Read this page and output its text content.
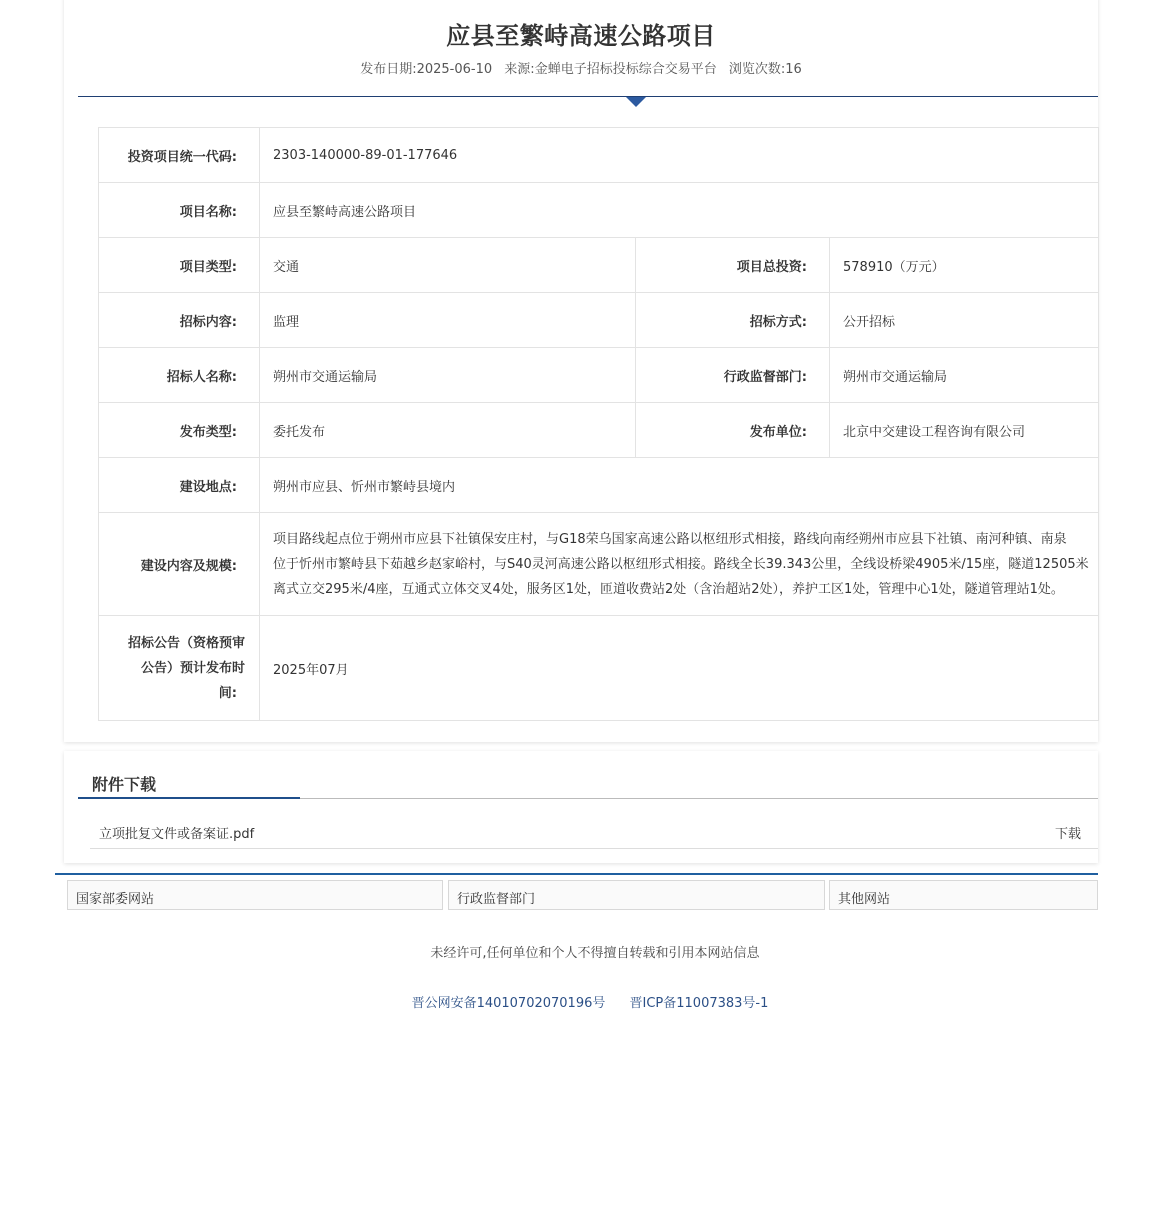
应县至繁峙高速公路项目
发布日期:2025-06-10 来源:金蝉电子招标投标综合交易平台 浏览次数:16
投资项目统一代码:	2303-140000-89-01-177646		
项目名称:	应县至繁峙高速公路项目		
项目类型:	交通	项目总投资:	578910（万元）
招标内容:	监理	招标方式:	公开招标
招标人名称:	朔州市交通运输局	行政监督部门:	朔州市交通运输局
发布类型:	委托发布	发布单位:	北京中交建设工程咨询有限公司
建设地点:	朔州市应县、忻州市繁峙县境内		
建设内容及规模:	项目路线起点位于朔州市应县下社镇保安庄村，与G18荣乌国家高速公路以枢纽形式相接，路线向南经朔州市应县下社镇、南河种镇、南泉
位于忻州市繁峙县下茹越乡赵家峪村，与S40灵河高速公路以枢纽形式相接。路线全长39.343公里，全线设桥梁4905米/15座，隧道12505米
离式立交295米/4座，互通式立体交叉4处，服务区1处，匝道收费站2处（含治超站2处），养护工区1处，管理中心1处，隧道管理站1处。		

招标公告（资格预审
公告）预计发布时
间:	2025年07月		
附件下载
立项批复文件或备案证.pdf	下载
国家部委网站	行政监督部门	其他网站
未经许可,任何单位和个人不得擅自转载和引用本网站信息
晋公网安备14010702070196号 晋ICP备11007383号-1
